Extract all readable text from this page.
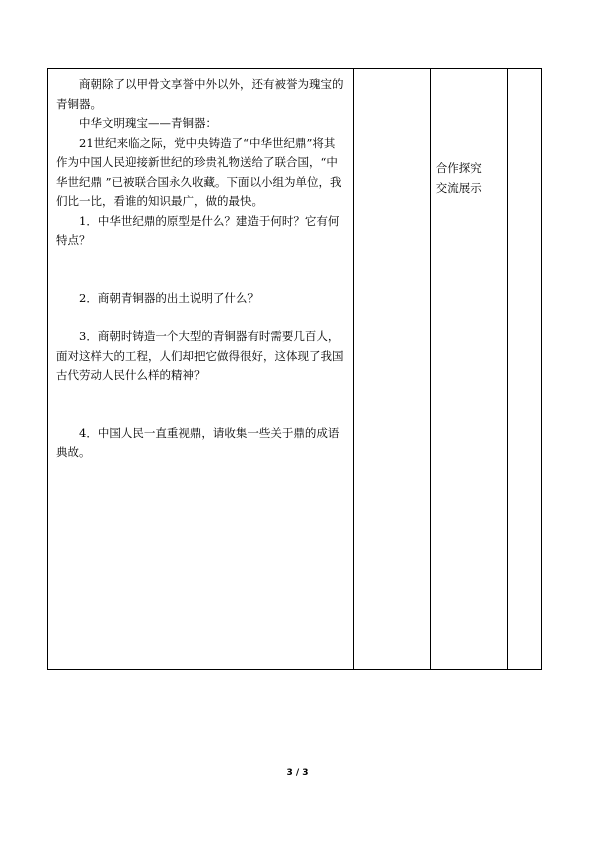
商朝除了以甲骨文享誉中外以外，还有被誉为瑰宝的青铜器。

中华文明瑰宝——青铜器：

21世纪来临之际，党中央铸造了“中华世纪鼎”将其作为中国人民迎接新世纪的珍贵礼物送给了联合国，“中华世纪鼎 ”已被联合国永久收藏。下面以小组为单位，我们比一比，看谁的知识最广，做的最快。

1．中华世纪鼎的原型是什么？建造于何时？它有何特点？

2．商朝青铜器的出土说明了什么？

3．商朝时铸造一个大型的青铜器有时需要几百人，面对这样大的工程，人们却把它做得很好，这体现了我国古代劳动人民什么样的精神？

4．中国人民一直重视鼎，请收集一些关于鼎的成语典故。

合作探究
交流展示

3 / 3
